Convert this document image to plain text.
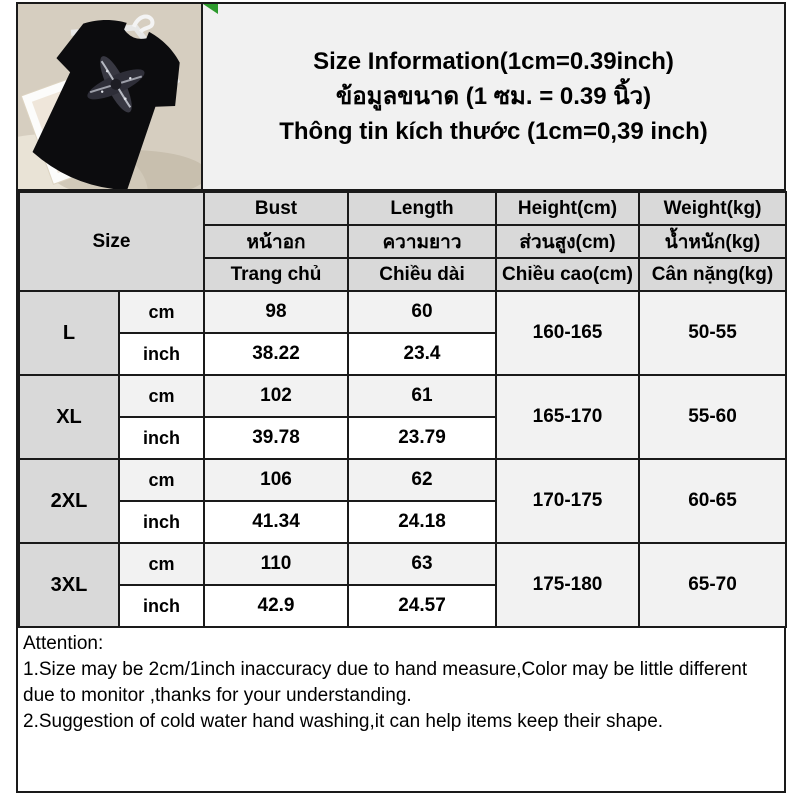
Size Information(1cm=0.39inch)
ข้อมูลขนาด (1 ซม. = 0.39 นิ้ว)
Thông tin kích thước (1cm=0,39 inch)
Size		Bust	Length	Height(cm)	Weight(kg)
		หน้าอก	ความยาว	ส่วนสูง(cm)	น้ำหนัก(kg)
		Trang chủ	Chiều dài	Chiều cao(cm)	Cân nặng(kg)
L	cm	98	60	160-165	50-55
	inch	38.22	23.4		
XL	cm	102	61	165-170	55-60
	inch	39.78	23.79		
2XL	cm	106	62	170-175	60-65
	inch	41.34	24.18		
3XL	cm	110	63	175-180	65-70
	inch	42.9	24.57		
Attention:
1.Size may be 2cm/1inch inaccuracy due to hand measure,Color may be little different due to monitor ,thanks for your understanding.
2.Suggestion of cold water hand washing,it can help items keep their shape.
